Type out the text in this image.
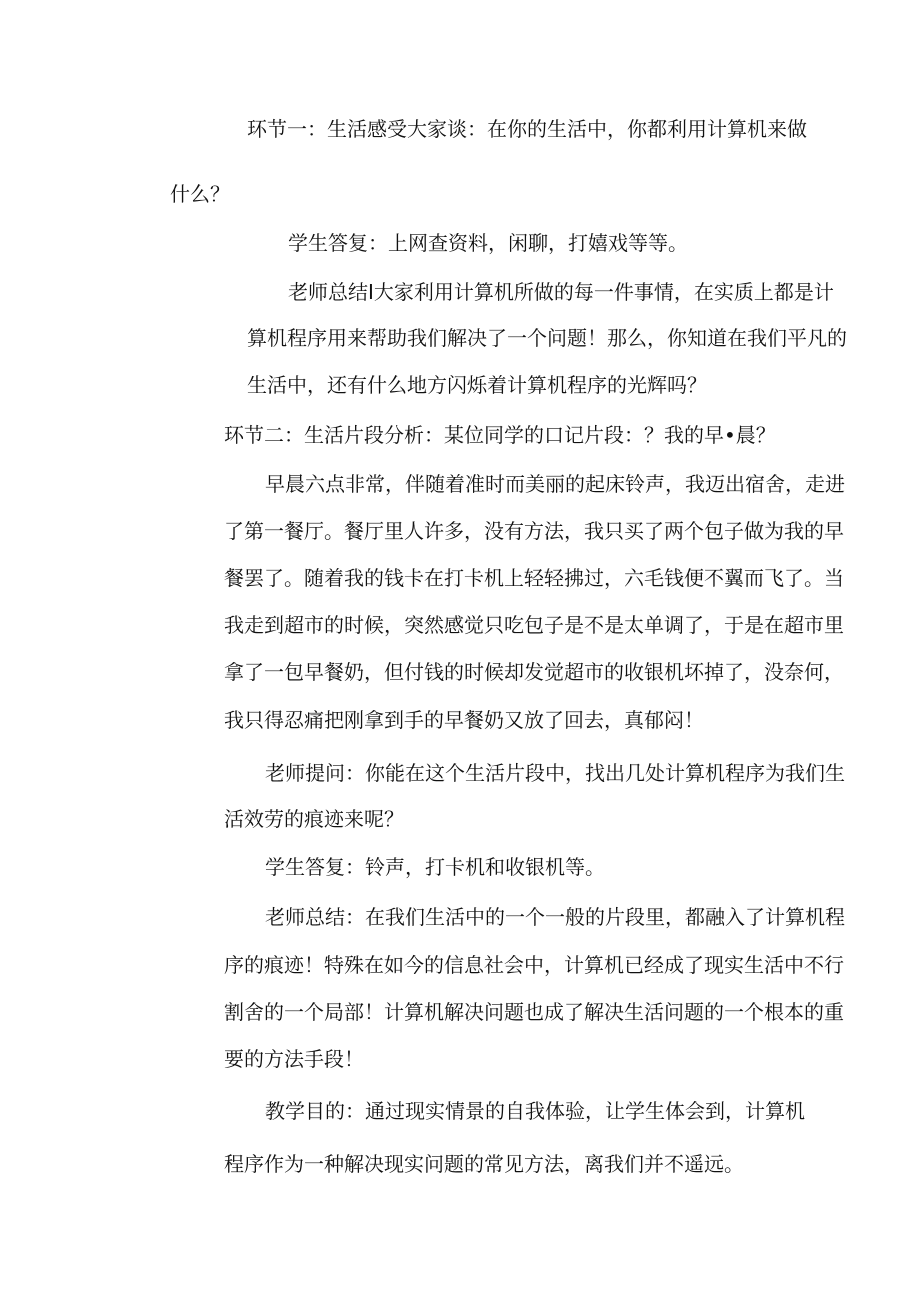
环节一：生活感受大家谈：在你的生活中，你都利用计算机来做
什么？
学生答复：上网查资料，闲聊，打嬉戏等等。
老师总结I大家利用计算机所做的每一件事情，在实质上都是计
算机程序用来帮助我们解决了一个问题！那么，你知道在我们平凡的
生活中，还有什么地方闪烁着计算机程序的光辉吗？
环节二：生活片段分析：某位同学的口记片段：？我的早•晨？
早晨六点非常，伴随着准时而美丽的起床铃声，我迈出宿舍，走进
了第一餐厅。餐厅里人许多，没有方法，我只买了两个包子做为我的早
餐罢了。随着我的钱卡在打卡机上轻轻拂过，六毛钱便不翼而飞了。当
我走到超市的时候，突然感觉只吃包子是不是太单调了，于是在超市里
拿了一包早餐奶，但付钱的时候却发觉超市的收银机坏掉了，没奈何，
我只得忍痛把刚拿到手的早餐奶又放了回去，真郁闷！
老师提问：你能在这个生活片段中，找出几处计算机程序为我们生
活效劳的痕迹来呢？
学生答复：铃声，打卡机和收银机等。
老师总结：在我们生活中的一个一般的片段里，都融入了计算机程
序的痕迹！特殊在如今的信息社会中，计算机已经成了现实生活中不行
割舍的一个局部！计算机解决问题也成了解决生活问题的一个根本的重
要的方法手段！
教学目的：通过现实情景的自我体验，让学生体会到，计算机
程序作为一种解决现实问题的常见方法，离我们并不遥远。
